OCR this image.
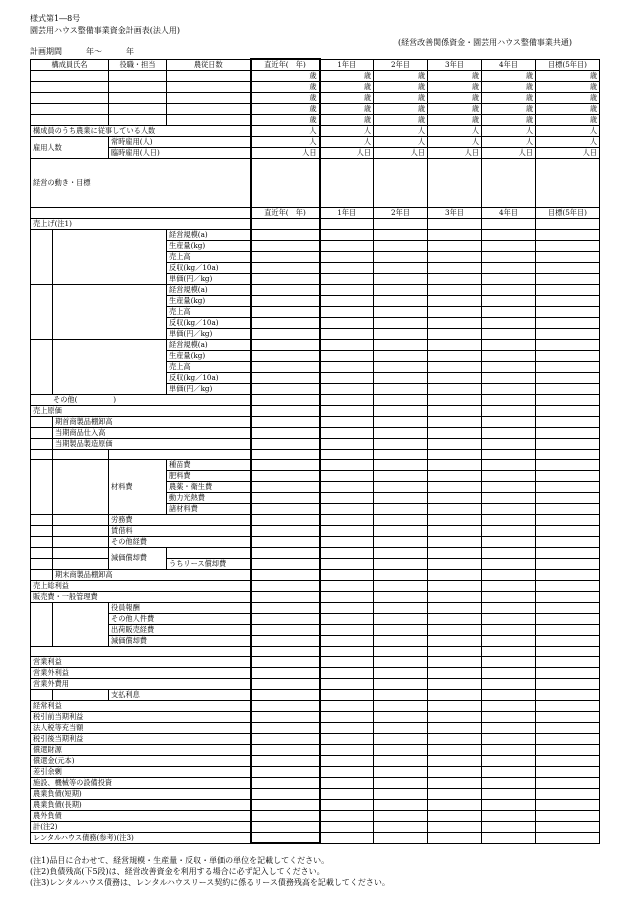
様式第1―8号
園芸用ハウス整備事業資金計画表(法人用)
(経営改善関係資金・園芸用ハウス整備事業共通)
計画期間　　　年～　　　年
構成員氏名		役職・担当	農従日数	直近年(　年)	1年目	2年目	3年目	4年目	目標(5年目)
				歳	歳	歳	歳	歳	歳
				歳	歳	歳	歳	歳	歳
				歳	歳	歳	歳	歳	歳
				歳	歳	歳	歳	歳	歳
				歳	歳	歳	歳	歳	歳
構成員のうち農業に従事している人数				人	人	人	人	人	人
雇用人数		常時雇用(人)		人	人	人	人	人	人
		臨時雇用(人日)		人日	人日	人日	人日	人日	人日
経営の動き・目標									
				直近年(　年)	1年目	2年目	3年目	4年目	目標(5年目)
売上げ(注1)									
			経営規模(a)						
			生産量(kg)						
			売上高						
			反収(kg／10a)						
			単価(円／kg)						
			経営規模(a)						
			生産量(kg)						
			売上高						
			反収(kg／10a)						
			単価(円／kg)						
			経営規模(a)						
			生産量(kg)						
			売上高						
			反収(kg／10a)						
			単価(円／kg)						
その他(　　　　　)									
売上原価									
	期首商製品棚卸高								
	当期商品仕入高								
	当期製品製造原価								

		材料費	種苗費						
			肥料費						
			農薬・衛生費						
			動力光熱費						
			諸材料費						
		労務費							
		賃借料							
		その他経費							
		減価償却費							
			うちリース償却費						
	期末商製品棚卸高								
売上総利益									
販売費・一般管理費									
		役員報酬							
		その他人件費							
		出荷販売経費							
		減価償却費							

営業利益									
営業外利益									
営業外費用									
		支払利息							
経常利益									
税引前当期利益									
法人税等充当額									
税引後当期利益									
償還財源									
償還金(元本)									
差引余剰									
施設、機械等の設備投資									
農業負債(短期)									
農業負債(長期)									
農外負債									
計(注2)									
レンタルハウス債務(参考)(注3)									
(注1)品目に合わせて、経営規模・生産量・反収・単価の単位を記載してください。
(注2)負債残高(下5段)は、経営改善資金を利用する場合に必ず記入してください。
(注3)レンタルハウス債務は、レンタルハウスリース契約に係るリース債務残高を記載してください。
